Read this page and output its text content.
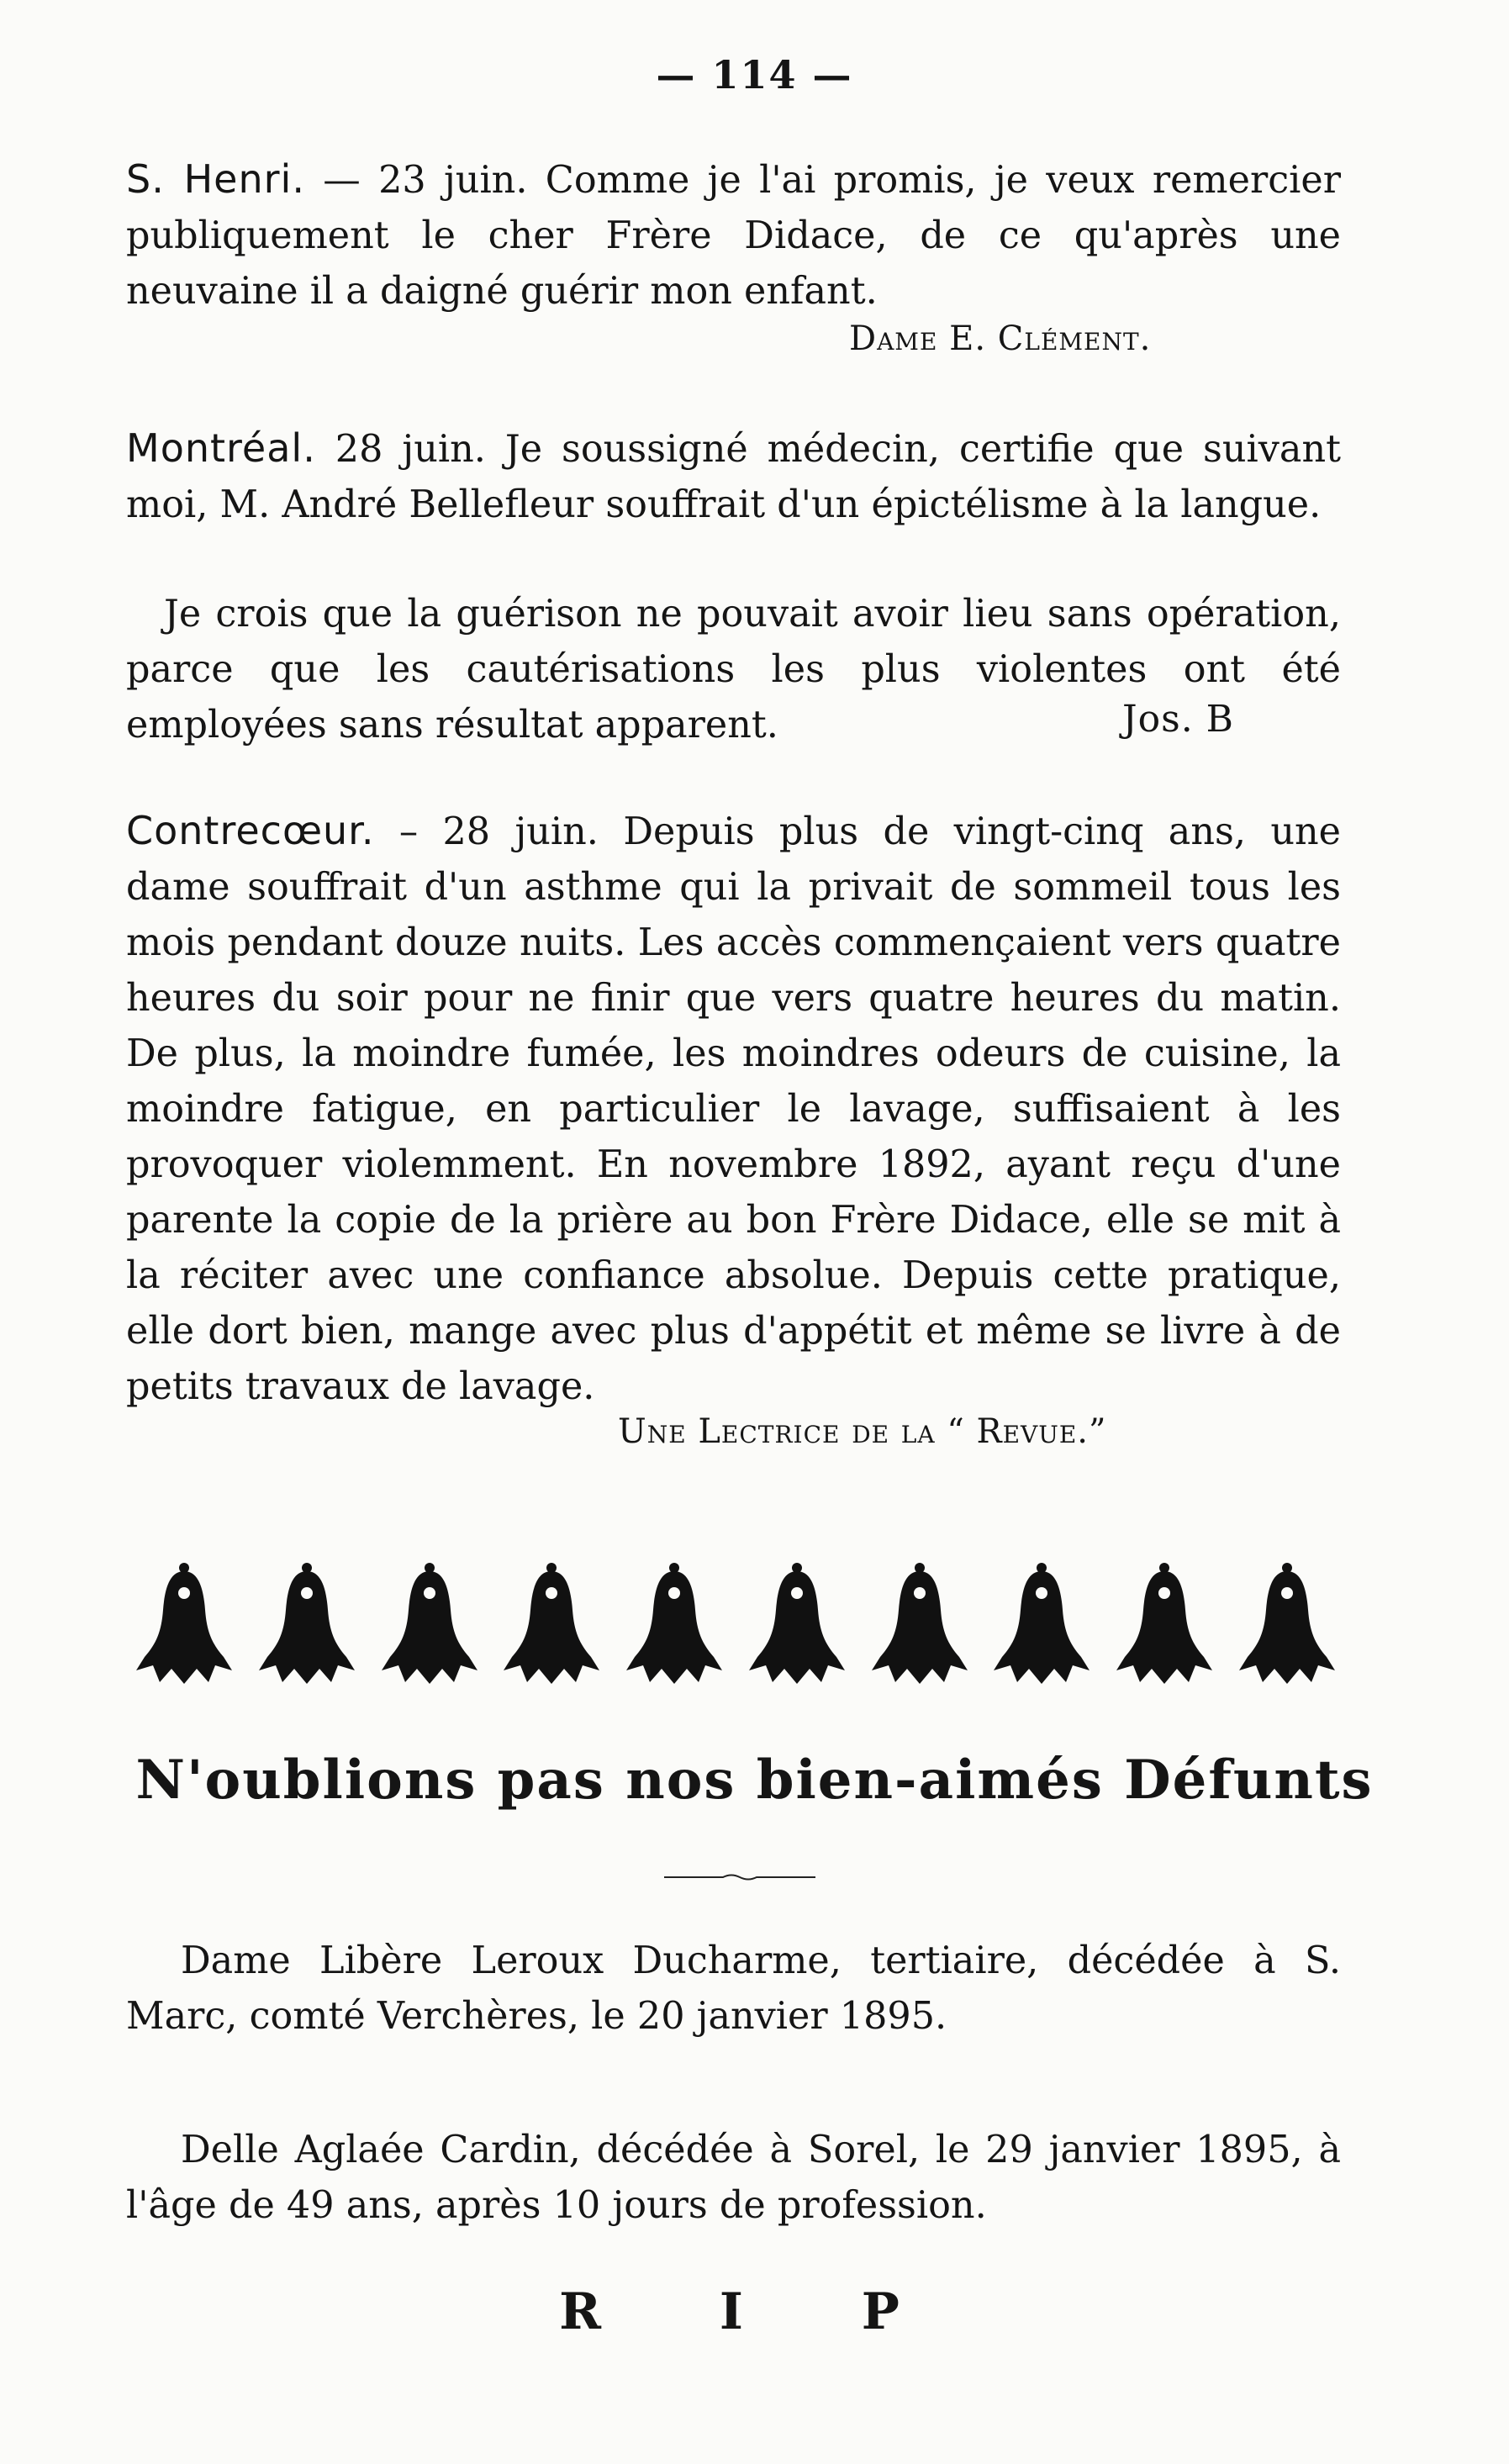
— 114 —

S. Henri. — 23 juin. Comme je l'ai promis, je veux remercier publiquement le cher Frère Didace, de ce qu'après une neuvaine il a daigné guérir mon enfant.

Dame E. Clément.

Montréal. 28 juin. Je soussigné médecin, certifie que suivant moi, M. André Bellefleur souffrait d'un épictélisme à la langue.

Je crois que la guérison ne pouvait avoir lieu sans opération, parce que les cautérisations les plus violentes ont été employées sans résultat apparent.	Jos. B

Contrecœur. – 28 juin. Depuis plus de vingt-cinq ans, une dame souffrait d'un asthme qui la privait de sommeil tous les mois pendant douze nuits. Les accès commençaient vers quatre heures du soir pour ne finir que vers quatre heures du matin. De plus, la moindre fumée, les moindres odeurs de cuisine, la moindre fatigue, en particulier le lavage, suffisaient à les provoquer violemment. En novembre 1892, ayant reçu d'une parente la copie de la prière au bon Frère Didace, elle se mit à la réciter avec une confiance absolue. Depuis cette pratique, elle dort bien, mange avec plus d'appétit et même se livre à de petits travaux de lavage.

Une Lectrice de la “ Revue.”
N'oublions pas nos bien-aimés Défunts

Dame Libère Leroux Ducharme, tertiaire, décédée à S. Marc, comté Verchères, le 20 janvier 1895.

Delle Aglaée Cardin, décédée à Sorel, le 29 janvier 1895, à l'âge de 49 ans, après 10 jours de profession.

R I P
